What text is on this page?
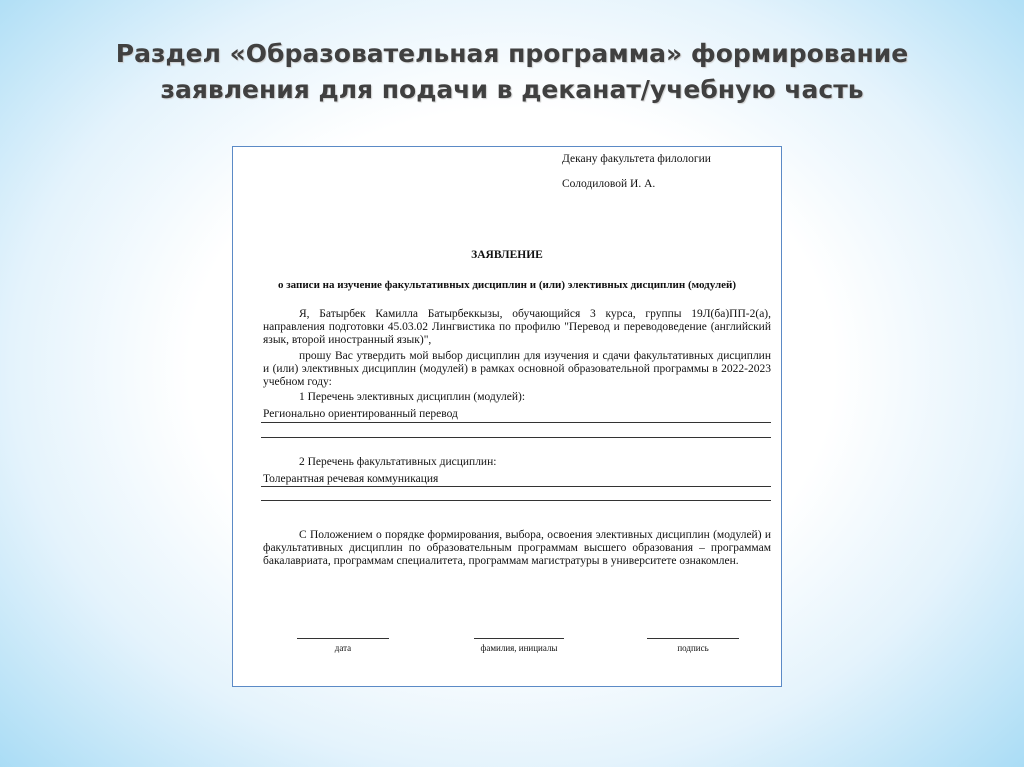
Раздел «Образовательная программа» формирование
заявления для подачи в деканат/учебную часть
Декану факультета филологии
Солодиловой И. А.
ЗАЯВЛЕНИЕ
о записи на изучение факультативных дисциплин и (или) элективных дисциплин (модулей)
Я, Батырбек Камилла Батырбеккызы, обучающийся 3 курса, группы 19Л(ба)ПП-2(а), направления подготовки 45.03.02 Лингвистика по профилю "Перевод и переводоведение (английский язык, второй иностранный язык)",
прошу Вас утвердить мой выбор дисциплин для изучения и сдачи факультативных дисциплин и (или) элективных дисциплин (модулей) в рамках основной образовательной программы в 2022-2023 учебном году:
1 Перечень элективных дисциплин (модулей):
Регионально ориентированный перевод
2 Перечень факультативных дисциплин:
Толерантная речевая коммуникация
С Положением о порядке формирования, выбора, освоения элективных дисциплин (модулей) и факультативных дисциплин по образовательным программам высшего образования – программам бакалавриата, программам специалитета, программам магистратуры в университете ознакомлен.
дата	фамилия, инициалы	подпись
